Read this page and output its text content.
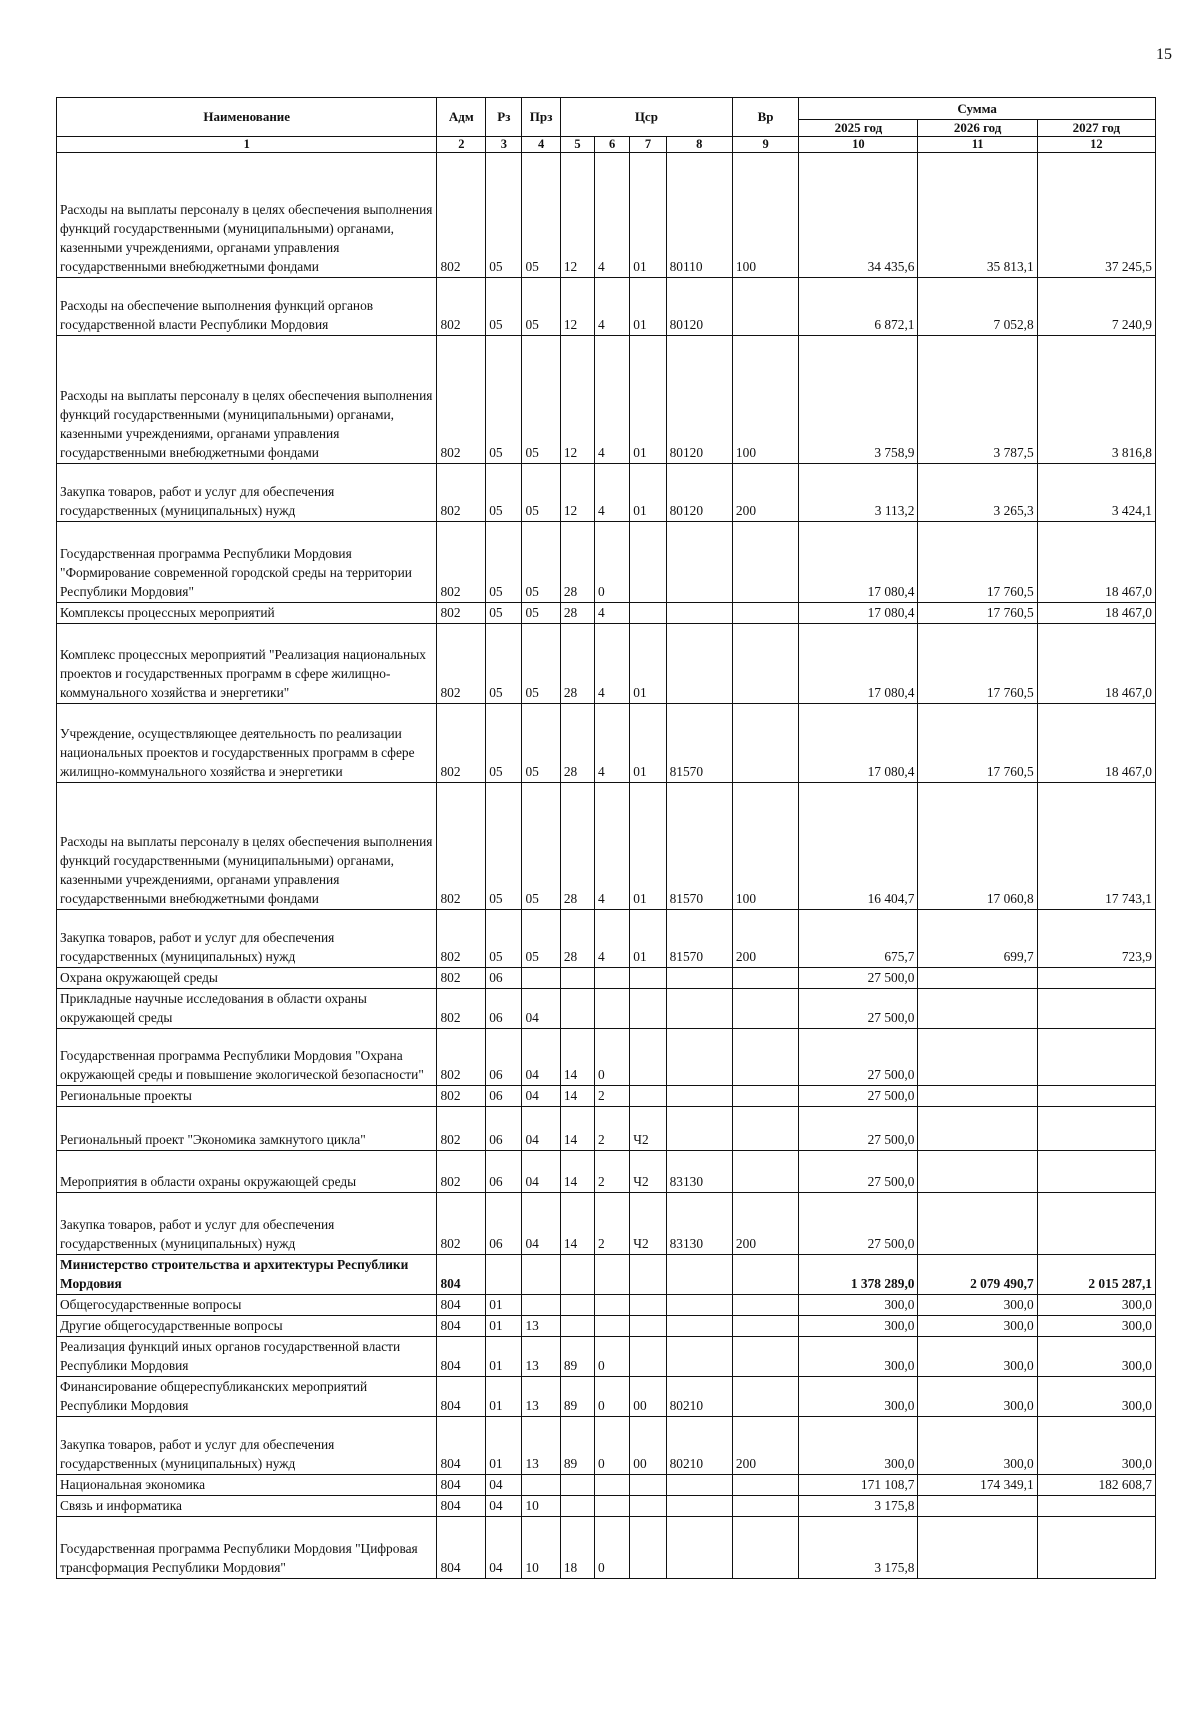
15
Наименование	Адм	Рз	Прз	Цср				Вр	Сумма		
									2025 год	2026 год	2027 год
1	2	3	4	5	6	7	8	9	10	11	12
Расходы на выплаты персоналу в целях обеспечения выполнения функций государственными (муниципальными) органами, казенными учреждениями, органами управления государственными внебюджетными фондами	802	05	05	12	4	01	80110	100	34 435,6	35 813,1	37 245,5
Расходы на обеспечение выполнения функций органов государственной власти Республики Мордовия	802	05	05	12	4	01	80120		6 872,1	7 052,8	7 240,9
Расходы на выплаты персоналу в целях обеспечения выполнения функций государственными (муниципальными) органами, казенными учреждениями, органами управления государственными внебюджетными фондами	802	05	05	12	4	01	80120	100	3 758,9	3 787,5	3 816,8
Закупка товаров, работ и услуг для обеспечения государственных (муниципальных) нужд	802	05	05	12	4	01	80120	200	3 113,2	3 265,3	3 424,1
Государственная программа Республики Мордовия "Формирование современной городской среды на территории Республики Мордовия"	802	05	05	28	0				17 080,4	17 760,5	18 467,0
Комплексы процессных мероприятий	802	05	05	28	4				17 080,4	17 760,5	18 467,0
Комплекс процессных мероприятий "Реализация национальных проектов и государственных программ в сфере жилищно-коммунального хозяйства и энергетики"	802	05	05	28	4	01			17 080,4	17 760,5	18 467,0
Учреждение, осуществляющее деятельность по реализации национальных проектов и государственных программ в сфере жилищно-коммунального хозяйства и энергетики	802	05	05	28	4	01	81570		17 080,4	17 760,5	18 467,0
Расходы на выплаты персоналу в целях обеспечения выполнения функций государственными (муниципальными) органами, казенными учреждениями, органами управления государственными внебюджетными фондами	802	05	05	28	4	01	81570	100	16 404,7	17 060,8	17 743,1
Закупка товаров, работ и услуг для обеспечения государственных (муниципальных) нужд	802	05	05	28	4	01	81570	200	675,7	699,7	723,9
Охрана окружающей среды	802	06							27 500,0		
Прикладные научные исследования в области охраны окружающей среды	802	06	04						27 500,0		
Государственная программа Республики Мордовия "Охрана окружающей среды и повышение экологической безопасности"	802	06	04	14	0				27 500,0		
Региональные проекты	802	06	04	14	2				27 500,0		
Региональный проект "Экономика замкнутого цикла"	802	06	04	14	2	Ч2			27 500,0		
Мероприятия в области охраны окружающей среды	802	06	04	14	2	Ч2	83130		27 500,0		
Закупка товаров, работ и услуг для обеспечения государственных (муниципальных) нужд	802	06	04	14	2	Ч2	83130	200	27 500,0		
Министерство строительства и архитектуры Республики Мордовия	804								1 378 289,0	2 079 490,7	2 015 287,1
Общегосударственные вопросы	804	01							300,0	300,0	300,0
Другие общегосударственные вопросы	804	01	13						300,0	300,0	300,0
Реализация функций иных органов государственной власти Республики Мордовия	804	01	13	89	0				300,0	300,0	300,0
Финансирование общереспубликанских мероприятий Республики Мордовия	804	01	13	89	0	00	80210		300,0	300,0	300,0
Закупка товаров, работ и услуг для обеспечения государственных (муниципальных) нужд	804	01	13	89	0	00	80210	200	300,0	300,0	300,0
Национальная экономика	804	04							171 108,7	174 349,1	182 608,7
Связь и информатика	804	04	10						3 175,8		
Государственная программа Республики Мордовия "Цифровая трансформация Республики Мордовия"	804	04	10	18	0				3 175,8		
